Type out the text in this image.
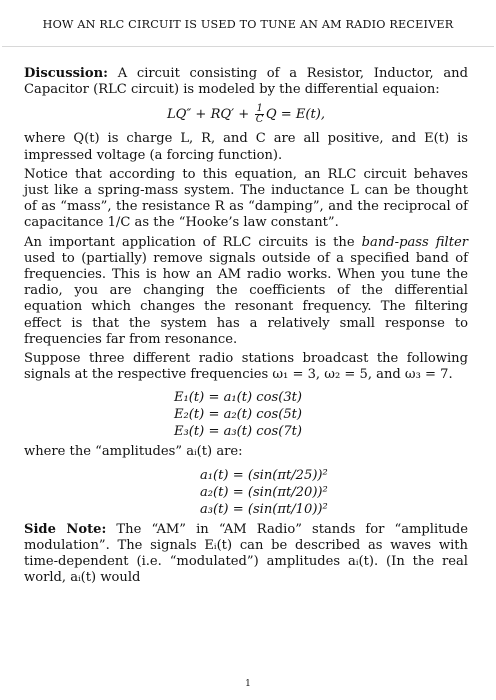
HOW AN RLC CIRCUIT IS USED TO TUNE AN AM RADIO RECEIVER

Discussion: A circuit consisting of a Resistor, Inductor, and Capacitor (RLC circuit) is modeled by the differential equaion:

$LQ'' + RQ' + \frac{1}{C}$ Q = E(t),

where Q(t) is charge L, R, and C are all positive, and E(t) is impressed voltage (a forcing function).

Notice that according to this equation, an RLC circuit behaves just like a spring-mass system. The inductance L can be thought of as “mass”, the resistance R as “damping”, and the reciprocal of capacitance 1/C as the “Hooke’s law constant”.

An important application of RLC circuits is the band-pass filter used to (partially) remove signals outside of a specified band of frequencies. This is how an AM radio works. When you tune the radio, you are changing the coefficients of the differential equation which changes the resonant frequency. The filtering effect is that the system has a relatively small response to frequencies far from resonance.

Suppose three different radio stations broadcast the following signals at the respective frequencies ω₁ = 3, ω₂ = 5, and ω₃ = 7.

E₁(t) = a₁(t) cos(3t)
E₂(t) = a₂(t) cos(5t)
E₃(t) = a₃(t) cos(7t)

where the “amplitudes” aᵢ(t) are:

a₁(t) = (sin(πt/25))²
a₂(t) = (sin(πt/20))²
a₃(t) = (sin(πt/10))²

Side Note: The “AM” in “AM Radio” stands for “amplitude modulation”. The signals Eᵢ(t) can be described as waves with time-dependent (i.e. “modulated”) amplitudes aᵢ(t). (In the real world, aᵢ(t) would

1
